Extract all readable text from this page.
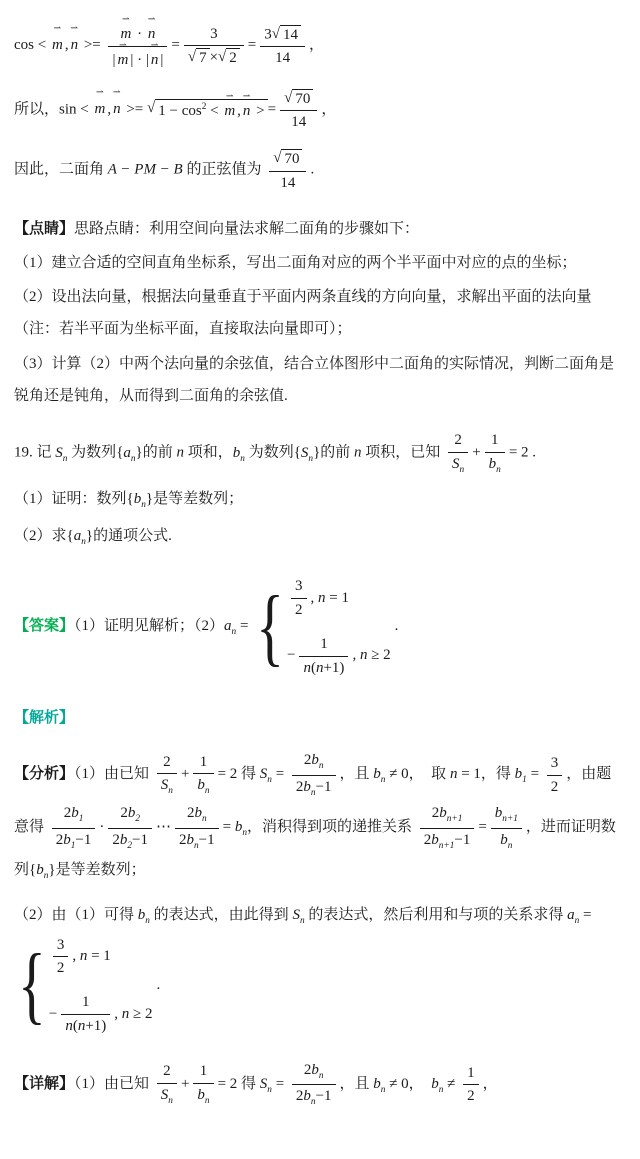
cos < m ⇀ , n ⇀ >= $\frac{m ⇀ \cdot n ⇀}{| m ⇀ | \cdot | n ⇀ |} = \frac{3}{√ 7 \times √ 2} = \frac{3 √ 14}{14}$ ，
所以，sin < m ⇀ , n ⇀ >= √ $1 - \cos^2 < m$ ⇀ , n ⇀ > = $\frac{√ 70}{14}$ ，
因此，二面角 A − PM − B 的正弦值为 $\frac{√ 70}{14}$ .
【点睛】思路点睛：利用空间向量法求解二面角的步骤如下：
（1）建立合适的空间直角坐标系，写出二面角对应的两个半平面中对应的点的坐标；
（2）设出法向量，根据法向量垂直于平面内两条直线的方向向量，求解出平面的法向量（注：若半平面为坐标平面，直接取法向量即可）；
（3）计算（2）中两个法向量的余弦值，结合立体图形中二面角的实际情况，判断二面角是锐角还是钝角，从而得到二面角的余弦值.
19. 记 $S_n$ 为数列$\{a_n\}$的前 n 项和，$b_n$ 为数列$\{S_n\}$的前 n 项积，已知 $\frac{2}{S_n} + \frac{1}{b_n} = 2$ .
（1）证明：数列$\{b_n\}$是等差数列；
（2）求$\{a_n\}$的通项公式.
【答案】（1）证明见解析；$(2)a_n$ = { $\frac{3}{2}$ , n = 1
− $\frac{1}{n(n+1)}$ , n ≥ 2
.
【解析】
【分析】（1）由已知 $\frac{2}{S_n} + \frac{1}{b_n} = 2$ 得 $S_n = \frac{2b_n}{2b_n-1}$ ，且 $b_n \ne 0$，  取 n = 1，得 $b_1 = \frac{3}{2}$ ，由题意得 $\frac{2b_1}{2b_1-1} \cdot \frac{2b_2}{2b_2-1}$ ⋯ $\frac{2b_n}{2b_n-1} = b_n$，消积得到项的递推关系 $\frac{2b_{n+1}}{2b_{n+1}-1} = \frac{b_{n+1}}{b_n}$ ，进而证明数列$\{b_n\}$是等差数列；
（2）由（1）可得 $b_n$ 的表达式，由此得到 $S_n$ 的表达式，然后利用和与项的关系求得 $a_n$ =
{ $\frac{3}{2}$ , n = 1
− $\frac{1}{n(n+1)}$ , n ≥ 2
.
【详解】（1）由已知 $\frac{2}{S_n} + \frac{1}{b_n} = 2$ 得 $S_n = \frac{2b_n}{2b_n-1}$ ，且 $b_n \ne 0$，  $b_n \ne \frac{1}{2}$ ，
